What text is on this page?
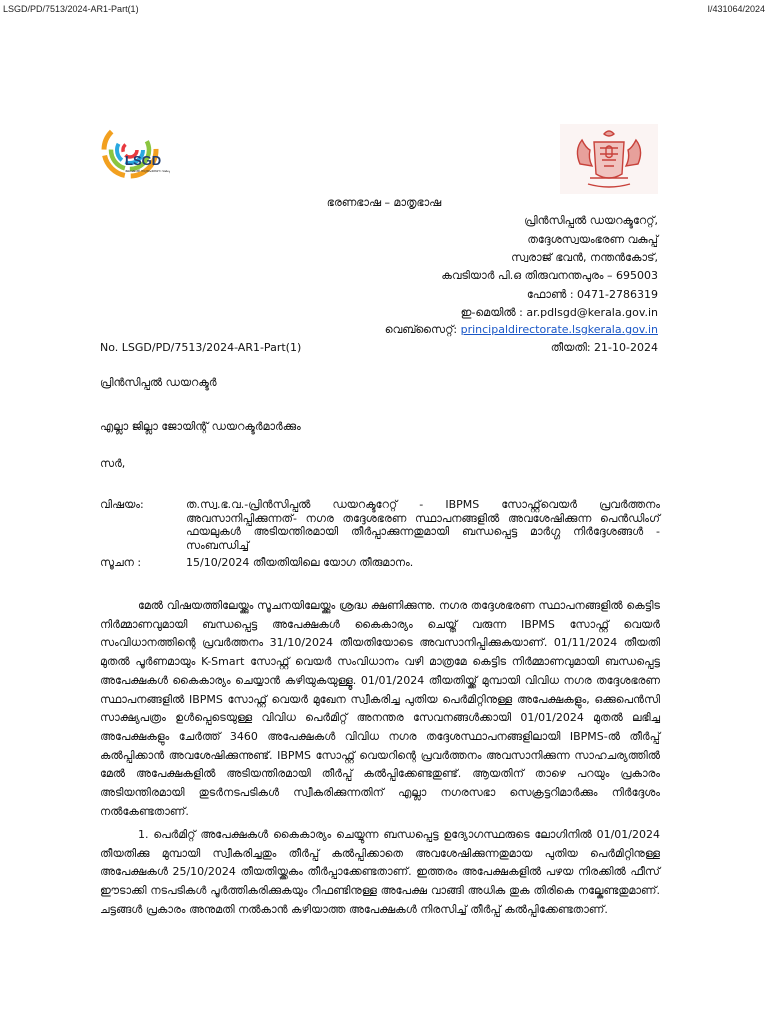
LSGD/PD/7513/2024-AR1-Part(1)	I/431064/2024
LSGD
ലോക്കൽ സ്വയംഭരണ വകുപ്പ്
ഭരണഭാഷ – മാതൃഭാഷ
പ്രിൻസിപ്പൽ ഡയറക്ടറേറ്റ്,
തദ്ദേശസ്വയംഭരണ വകുപ്പ്
സ്വരാജ് ഭവൻ, നന്തൻകോട്,
കവടിയാർ പി.ഒ തിരുവനന്തപുരം – 695003
ഫോൺ : 0471-2786319
ഇ-മെയിൽ : ar.pdlsgd@kerala.gov.in
വെബ്സൈറ്റ്: principaldirectorate.lsgkerala.gov.in
No. LSGD/PD/7513/2024-AR1-Part(1)	തീയതി: 21-10-2024
പ്രിൻസിപ്പൽ ഡയറക്ടർ
എല്ലാ ജില്ലാ ജോയിന്റ് ഡയറക്ടർമാർക്കും
സർ,
വിഷയം:	ത.സ്വ.ഭ.വ.-പ്രിൻസിപ്പൽ ഡയറക്ടറേറ്റ് - IBPMS സോഫ്റ്റ്‌വെയർ പ്രവർത്തനം അവസാനിപ്പിക്കുന്നത്- നഗര തദ്ദേശഭരണ സ്ഥാപനങ്ങളിൽ അവശേഷിക്കുന്ന പെൻഡിംഗ് ഫയലുകൾ അടിയന്തിരമായി തീർപ്പാക്കുന്നതുമായി ബന്ധപ്പെട്ട മാർഗ്ഗ നിർദ്ദേശങ്ങൾ - സംബന്ധിച്ച്
സൂചന :	15/10/2024 തീയതിയിലെ യോഗ തീരുമാനം.

മേൽ വിഷയത്തിലേയ്ക്കും സൂചനയിലേയ്ക്കും ശ്രദ്ധ ക്ഷണിക്കുന്നു. നഗര തദ്ദേശഭരണ സ്ഥാപനങ്ങളിൽ കെട്ടിട നിർമ്മാണവുമായി ബന്ധപ്പെട്ട അപേക്ഷകൾ കൈകാര്യം ചെയ്ത് വരുന്ന IBPMS സോഫ്റ്റ് വെയർ സംവിധാനത്തിന്റെ പ്രവർത്തനം 31/10/2024 തീയതിയോടെ അവസാനിപ്പിക്കുകയാണ്. 01/11/2024 തീയതി മുതൽ പൂർണമായും K-Smart സോഫ്റ്റ് വെയർ സംവിധാനം വഴി മാത്രമേ കെട്ടിട നിർമ്മാണവുമായി ബന്ധപ്പെട്ട അപേക്ഷകൾ കൈകാര്യം ചെയ്യാൻ കഴിയുകയുള്ളൂ. 01/01/2024 തീയതിയ്ക്ക് മുമ്പായി വിവിധ നഗര തദ്ദേശഭരണ സ്ഥാപനങ്ങളിൽ IBPMS സോഫ്റ്റ് വെയർ മുഖേന സ്വീകരിച്ച പുതിയ പെർമിറ്റിനുള്ള അപേക്ഷകളും, ഒക്കുപെൻസി സാക്ഷ്യപത്രം ഉൾപ്പെടെയുള്ള വിവിധ പെർമിറ്റ് അനന്തര സേവനങ്ങൾക്കായി 01/01/2024 മുതൽ ലഭിച്ച അപേക്ഷകളും ചേർത്ത് 3460 അപേക്ഷകൾ വിവിധ നഗര തദ്ദേശസ്ഥാപനങ്ങളിലായി IBPMS-ൽ തീർപ്പ് കൽപ്പിക്കാൻ അവശേഷിക്കുന്നുണ്ട്. IBPMS സോഫ്റ്റ് വെയറിന്റെ പ്രവർത്തനം അവസാനിക്കുന്ന സാഹചര്യത്തിൽ മേൽ അപേക്ഷകളിൽ അടിയന്തിരമായി തീർപ്പ് കൽപ്പിക്കേണ്ടതുണ്ട്. ആയതിന് താഴെ പറയും പ്രകാരം അടിയന്തിരമായി തുടർനടപടികൾ സ്വീകരിക്കുന്നതിന് എല്ലാ നഗരസഭാ സെക്രട്ടറിമാർക്കും നിർദ്ദേശം നൽകേണ്ടതാണ്.

1. പെർമിറ്റ് അപേക്ഷകൾ കൈകാര്യം ചെയ്യുന്ന ബന്ധപ്പെട്ട ഉദ്യോഗസ്ഥരുടെ ലോഗിനിൽ 01/01/2024 തീയതിക്കു മുമ്പായി സ്വീകരിച്ചതും തീർപ്പ് കൽപ്പിക്കാതെ അവശേഷിക്കുന്നതുമായ പുതിയ പെർമിറ്റിനുള്ള അപേക്ഷകൾ 25/10/2024 തീയതിയ്ക്കകം തീർപ്പാക്കേണ്ടതാണ്. ഇത്തരം അപേക്ഷകളിൽ പഴയ നിരക്കിൽ ഫീസ് ഈടാക്കി നടപടികൾ പൂർത്തികരിക്കുകയും റീഫണ്ടിനുള്ള അപേക്ഷ വാങ്ങി അധിക തുക തിരികെ നല്കേണ്ടതുമാണ്. ചട്ടങ്ങൾ പ്രകാരം അനുമതി നൽകാൻ കഴിയാത്ത അപേക്ഷകൾ നിരസിച്ച് തീർപ്പ് കൽപ്പിക്കേണ്ടതാണ്.
